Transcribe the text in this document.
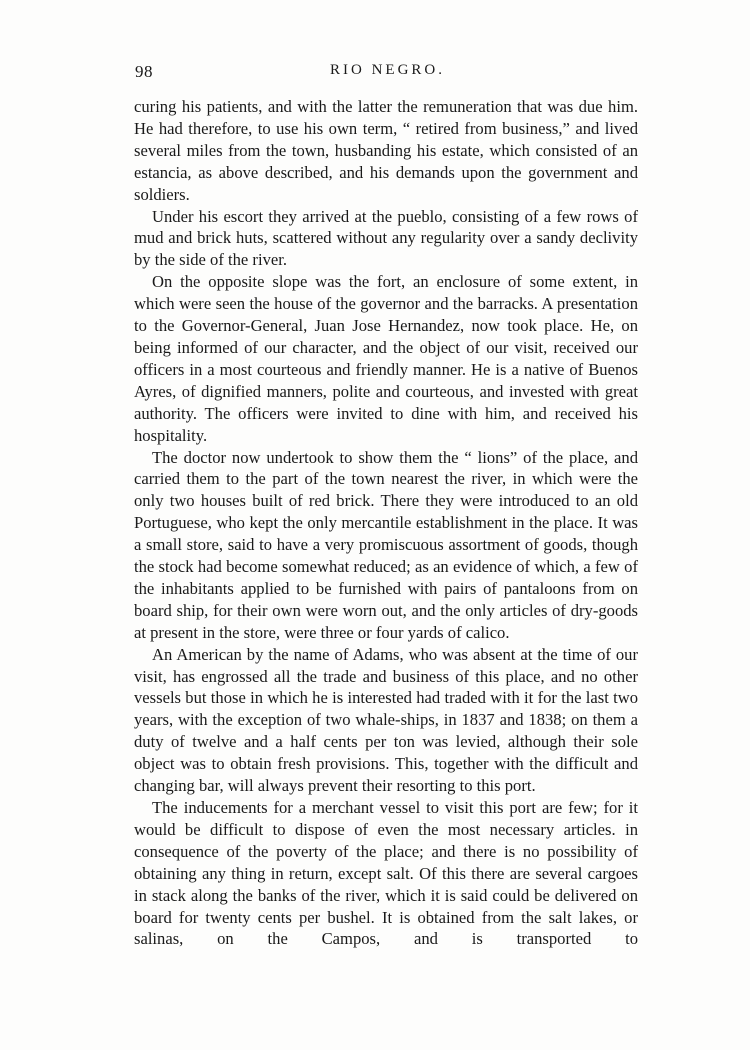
98	RIO NEGRO.

curing his patients, and with the latter the remuneration that was due him. He had therefore, to use his own term, “ retired from business,” and lived several miles from the town, husbanding his estate, which consisted of an estancia, as above described, and his demands upon the government and soldiers.

Under his escort they arrived at the pueblo, consisting of a few rows of mud and brick huts, scattered without any regularity over a sandy declivity by the side of the river.

On the opposite slope was the fort, an enclosure of some extent, in which were seen the house of the governor and the barracks. A presentation to the Governor-General, Juan Jose Hernandez, now took place. He, on being informed of our character, and the object of our visit, received our officers in a most courteous and friendly manner. He is a native of Buenos Ayres, of dignified manners, polite and courteous, and invested with great authority. The officers were invited to dine with him, and received his hospitality.

The doctor now undertook to show them the “ lions” of the place, and carried them to the part of the town nearest the river, in which were the only two houses built of red brick. There they were introduced to an old Portuguese, who kept the only mercantile establishment in the place. It was a small store, said to have a very promiscuous assortment of goods, though the stock had become somewhat reduced; as an evidence of which, a few of the inhabitants applied to be furnished with pairs of pantaloons from on board ship, for their own were worn out, and the only articles of dry-goods at present in the store, were three or four yards of calico.

An American by the name of Adams, who was absent at the time of our visit, has engrossed all the trade and business of this place, and no other vessels but those in which he is interested had traded with it for the last two years, with the exception of two whale-ships, in 1837 and 1838; on them a duty of twelve and a half cents per ton was levied, although their sole object was to obtain fresh provisions. This, together with the difficult and changing bar, will always prevent their resorting to this port.

The inducements for a merchant vessel to visit this port are few; for it would be difficult to dispose of even the most necessary articles. in consequence of the poverty of the place; and there is no possibility of obtaining any thing in return, except salt. Of this there are several cargoes in stack along the banks of the river, which it is said could be delivered on board for twenty cents per bushel. It is obtained from the salt lakes, or salinas, on the Campos, and is transported to
